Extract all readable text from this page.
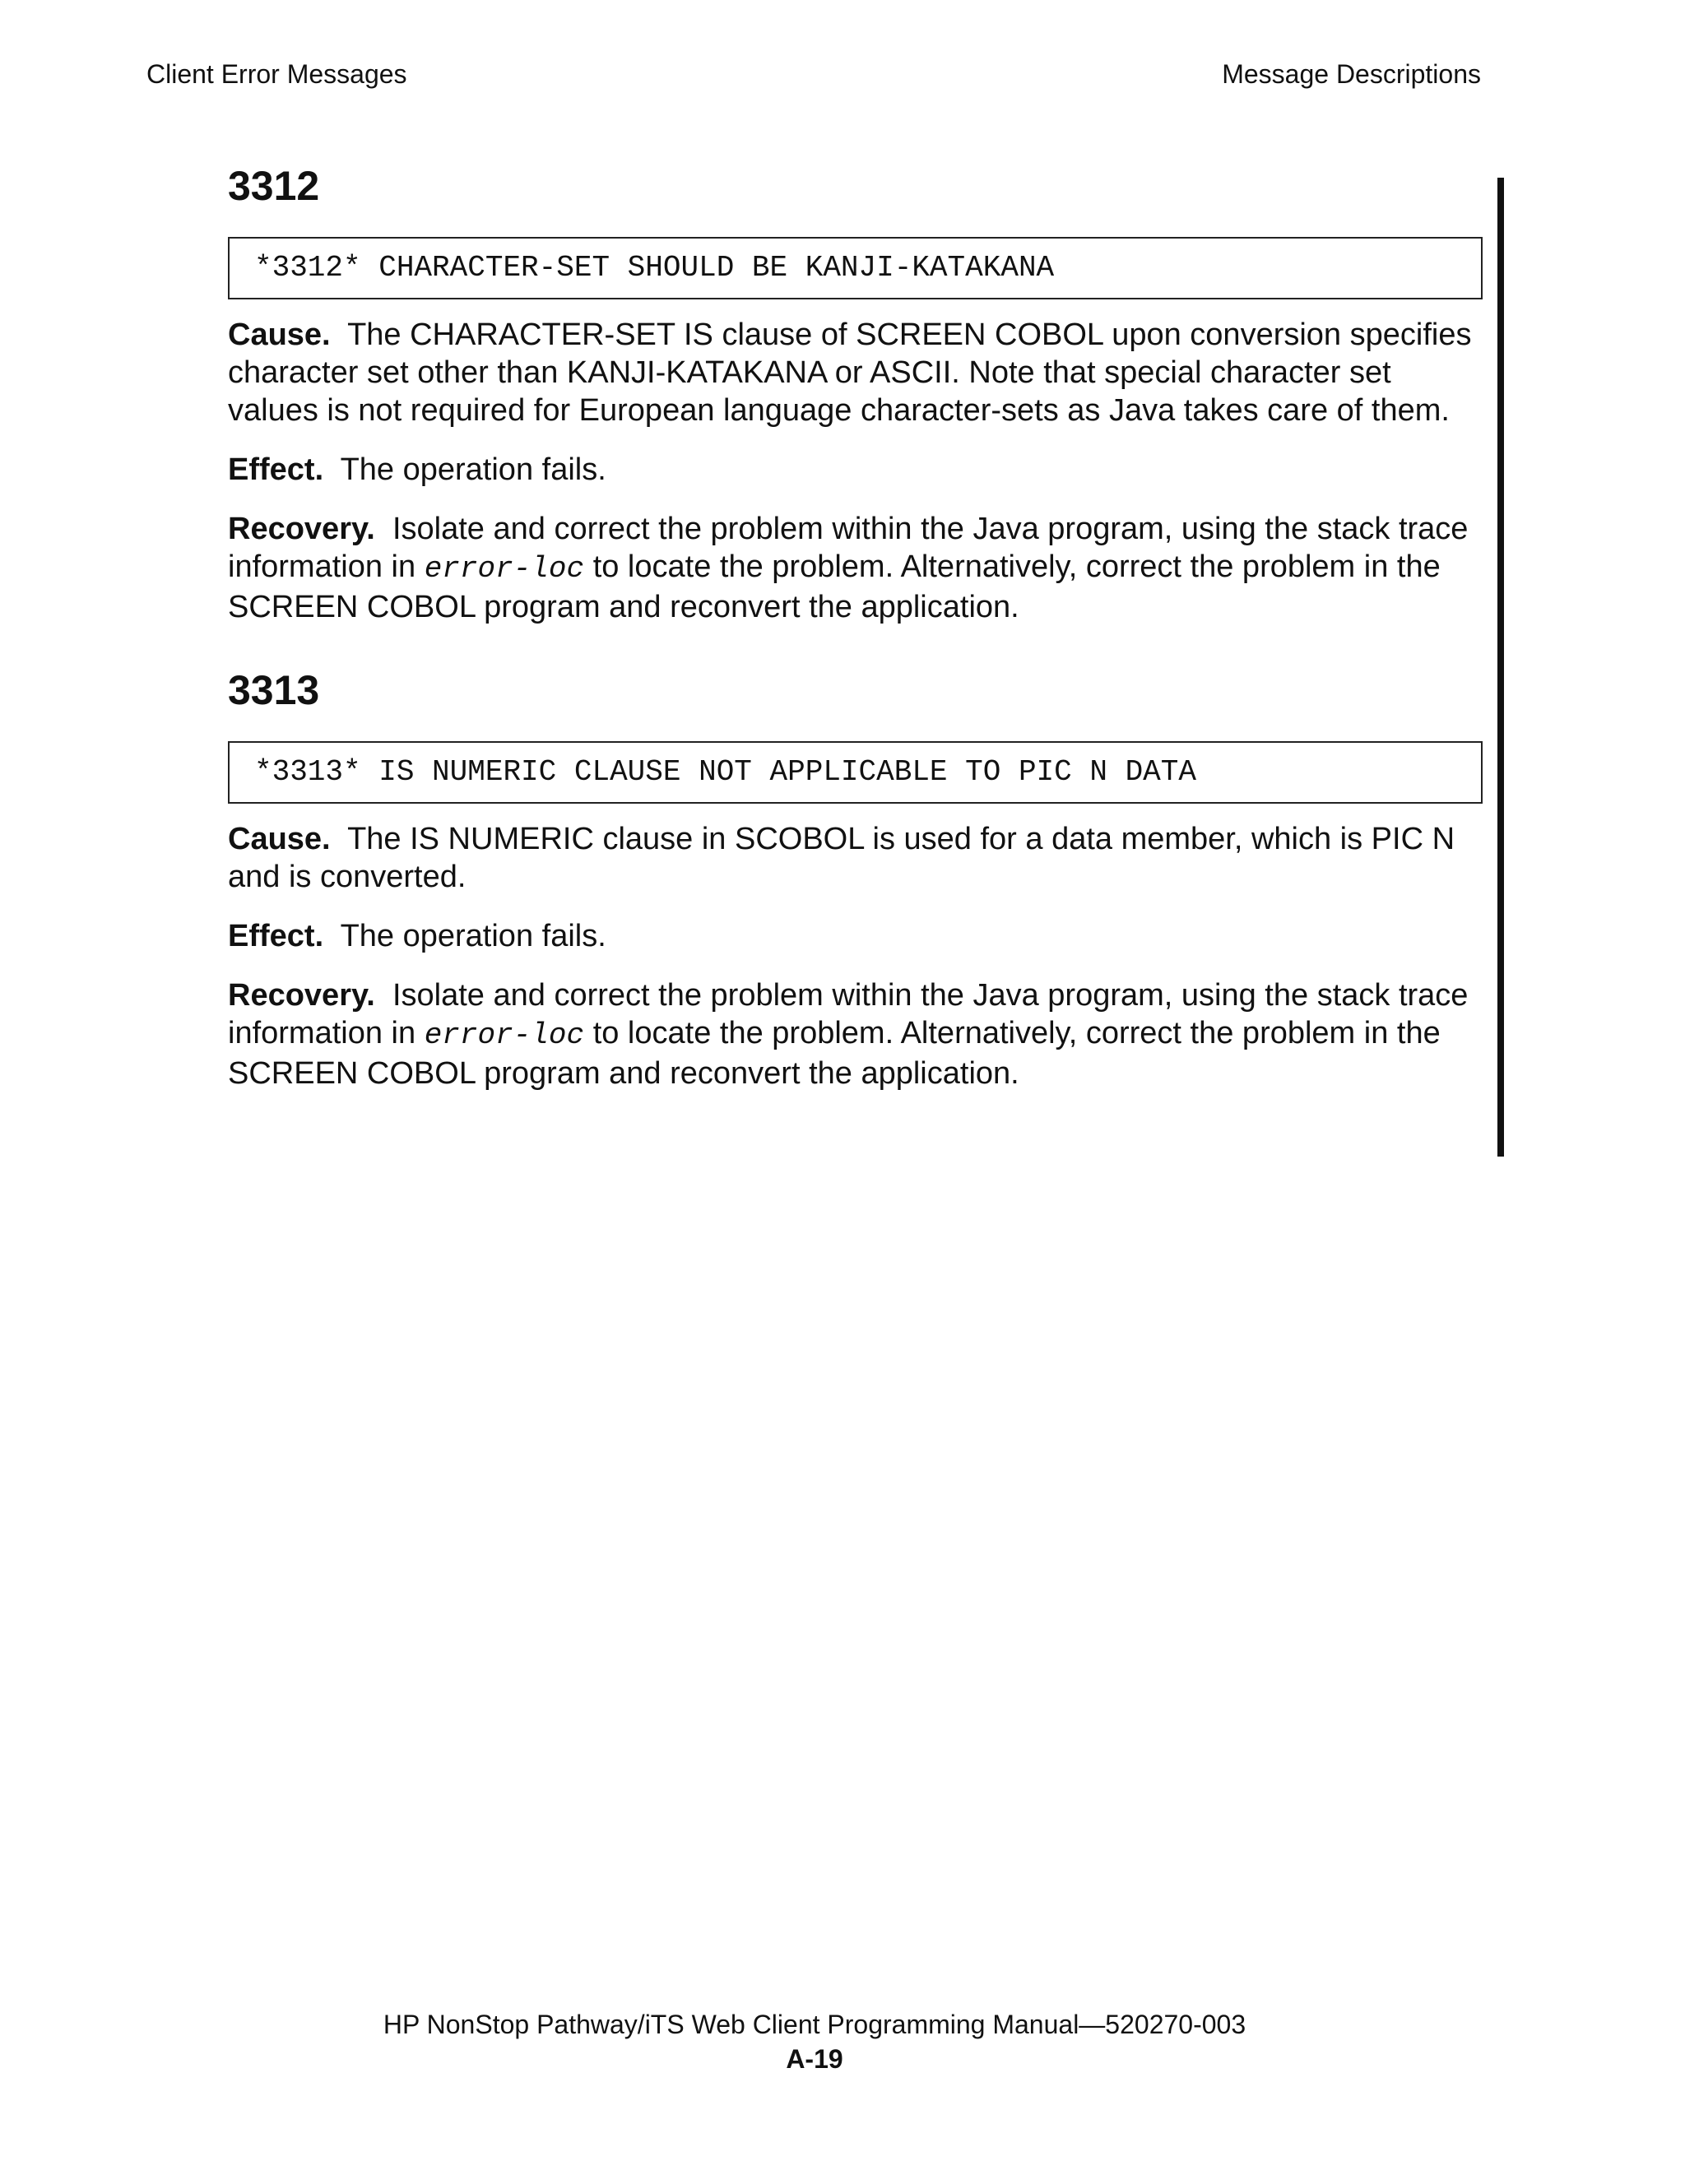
Client Error Messages	Message Descriptions
3312
*3312* CHARACTER-SET SHOULD BE KANJI-KATAKANA

Cause. The CHARACTER-SET IS clause of SCREEN COBOL upon conversion specifies character set other than KANJI-KATAKANA or ASCII. Note that special character set values is not required for European language character-sets as Java takes care of them.

Effect. The operation fails.

Recovery. Isolate and correct the problem within the Java program, using the stack trace information in error-loc to locate the problem. Alternatively, correct the problem in the SCREEN COBOL program and reconvert the application.

3313
*3313* IS NUMERIC CLAUSE NOT APPLICABLE TO PIC N DATA

Cause. The IS NUMERIC clause in SCOBOL is used for a data member, which is PIC N and is converted.

Effect. The operation fails.

Recovery. Isolate and correct the problem within the Java program, using the stack trace information in error-loc to locate the problem. Alternatively, correct the problem in the SCREEN COBOL program and reconvert the application.

HP NonStop Pathway/iTS Web Client Programming Manual—520270-003
A-19
